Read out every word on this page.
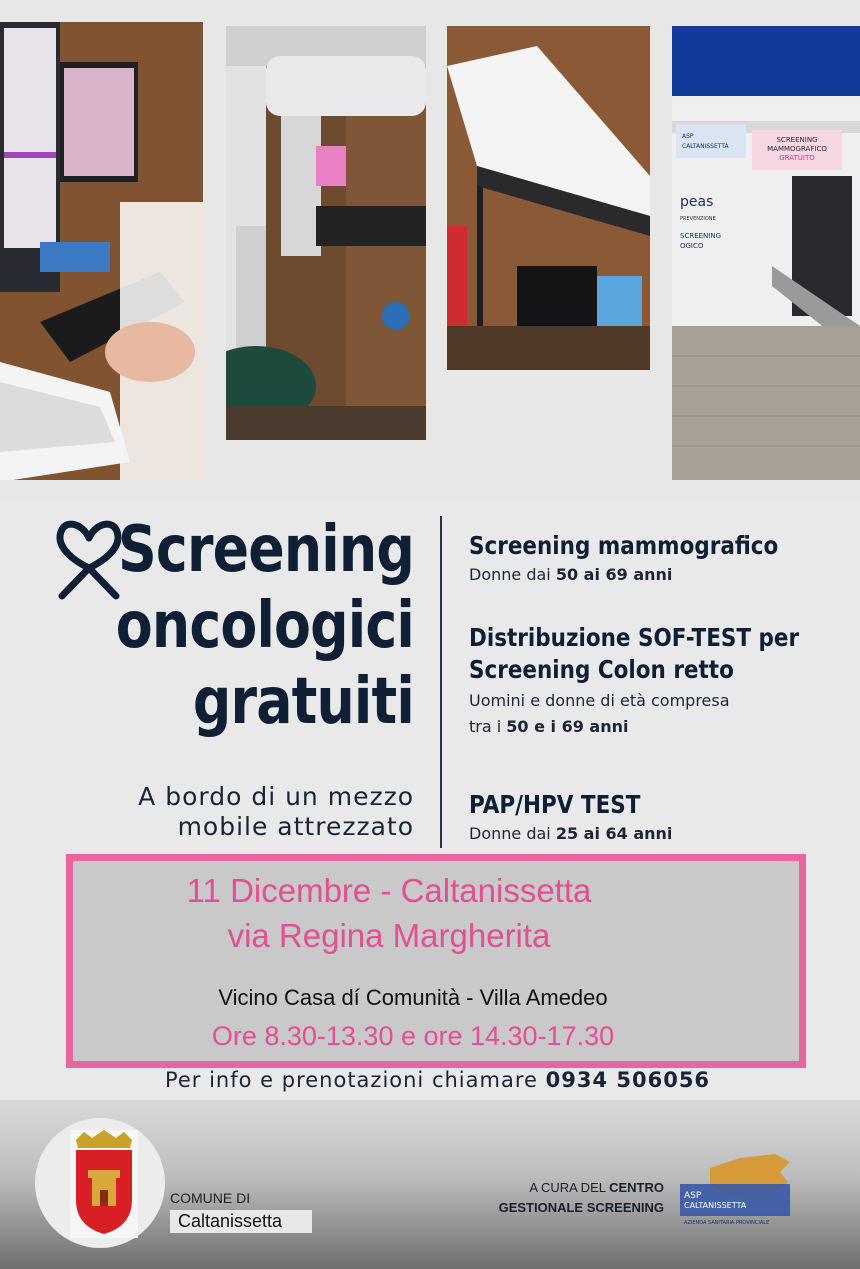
SCREENING
MAMMOGRAFICO
GRATUITO
ASP
CALTANISSETTA
peas
PREVENZIONE
SCREENING
OGICO
Screening
oncologici
gratuiti
A bordo di un mezzo
mobile attrezzato
Screening mammografico
Donne dai 50 ai 69 anni
Distribuzione SOF-TEST per
Screening Colon retto
Uomini e donne di età compresa
tra i 50 e i 69 anni
PAP/HPV TEST
Donne dai 25 ai 64 anni
11 Dicembre - Caltanissetta
via Regina Margherita
Vicino Casa dí Comunità - Villa Amedeo
Ore 8.30-13.30 e ore 14.30-17.30
Per info e prenotazioni chiamare 0934 506056
COMUNE DI
Caltanissetta
A CURA DEL CENTRO
GESTIONALE SCREENING
ASP
CALTANISSETTA
AZIENDA SANITARIA PROVINCIALE
